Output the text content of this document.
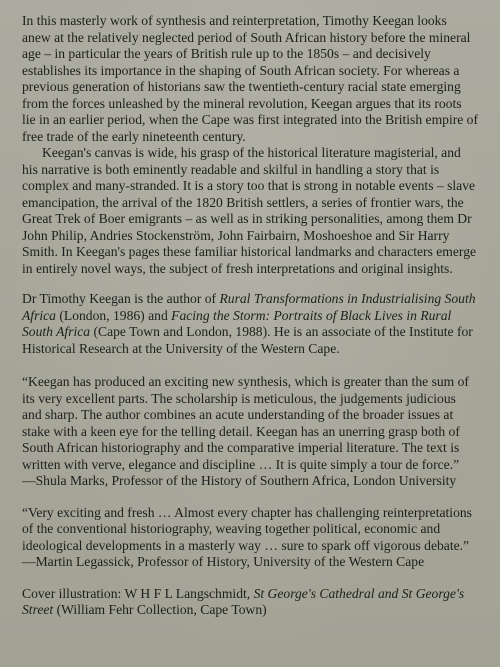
In this masterly work of synthesis and reinterpretation, Timothy Keegan looks anew at the relatively neglected period of South African history before the mineral age – in particular the years of British rule up to the 1850s – and decisively establishes its importance in the shaping of South African society. For whereas a previous generation of historians saw the twentieth-century racial state emerging from the forces unleashed by the mineral revolution, Keegan argues that its roots lie in an earlier period, when the Cape was first integrated into the British empire of free trade of the early nineteenth century.

Keegan's canvas is wide, his grasp of the historical literature magisterial, and his narrative is both eminently readable and skilful in handling a story that is complex and many-stranded. It is a story too that is strong in notable events – slave emancipation, the arrival of the 1820 British settlers, a series of frontier wars, the Great Trek of Boer emigrants – as well as in striking personalities, among them Dr John Philip, Andries Stockenström, John Fairbairn, Moshoeshoe and Sir Harry Smith. In Keegan's pages these familiar historical landmarks and characters emerge in entirely novel ways, the subject of fresh interpretations and original insights.

Dr Timothy Keegan is the author of Rural Transformations in Industrialising South Africa (London, 1986) and Facing the Storm: Portraits of Black Lives in Rural South Africa (Cape Town and London, 1988). He is an associate of the Institute for Historical Research at the University of the Western Cape.

“Keegan has produced an exciting new synthesis, which is greater than the sum of its very excellent parts. The scholarship is meticulous, the judgements judicious and sharp. The author combines an acute understanding of the broader issues at stake with a keen eye for the telling detail. Keegan has an unerring grasp both of South African historiography and the comparative imperial literature. The text is written with verve, elegance and discipline … It is quite simply a tour de force.”

—Shula Marks, Professor of the History of Southern Africa, London University

“Very exciting and fresh … Almost every chapter has challenging reinterpretations of the conventional historiography, weaving together political, economic and ideological developments in a masterly way … sure to spark off vigorous debate.”

—Martin Legassick, Professor of History, University of the Western Cape

Cover illustration: W H F L Langschmidt, St George's Cathedral and St George's Street (William Fehr Collection, Cape Town)
